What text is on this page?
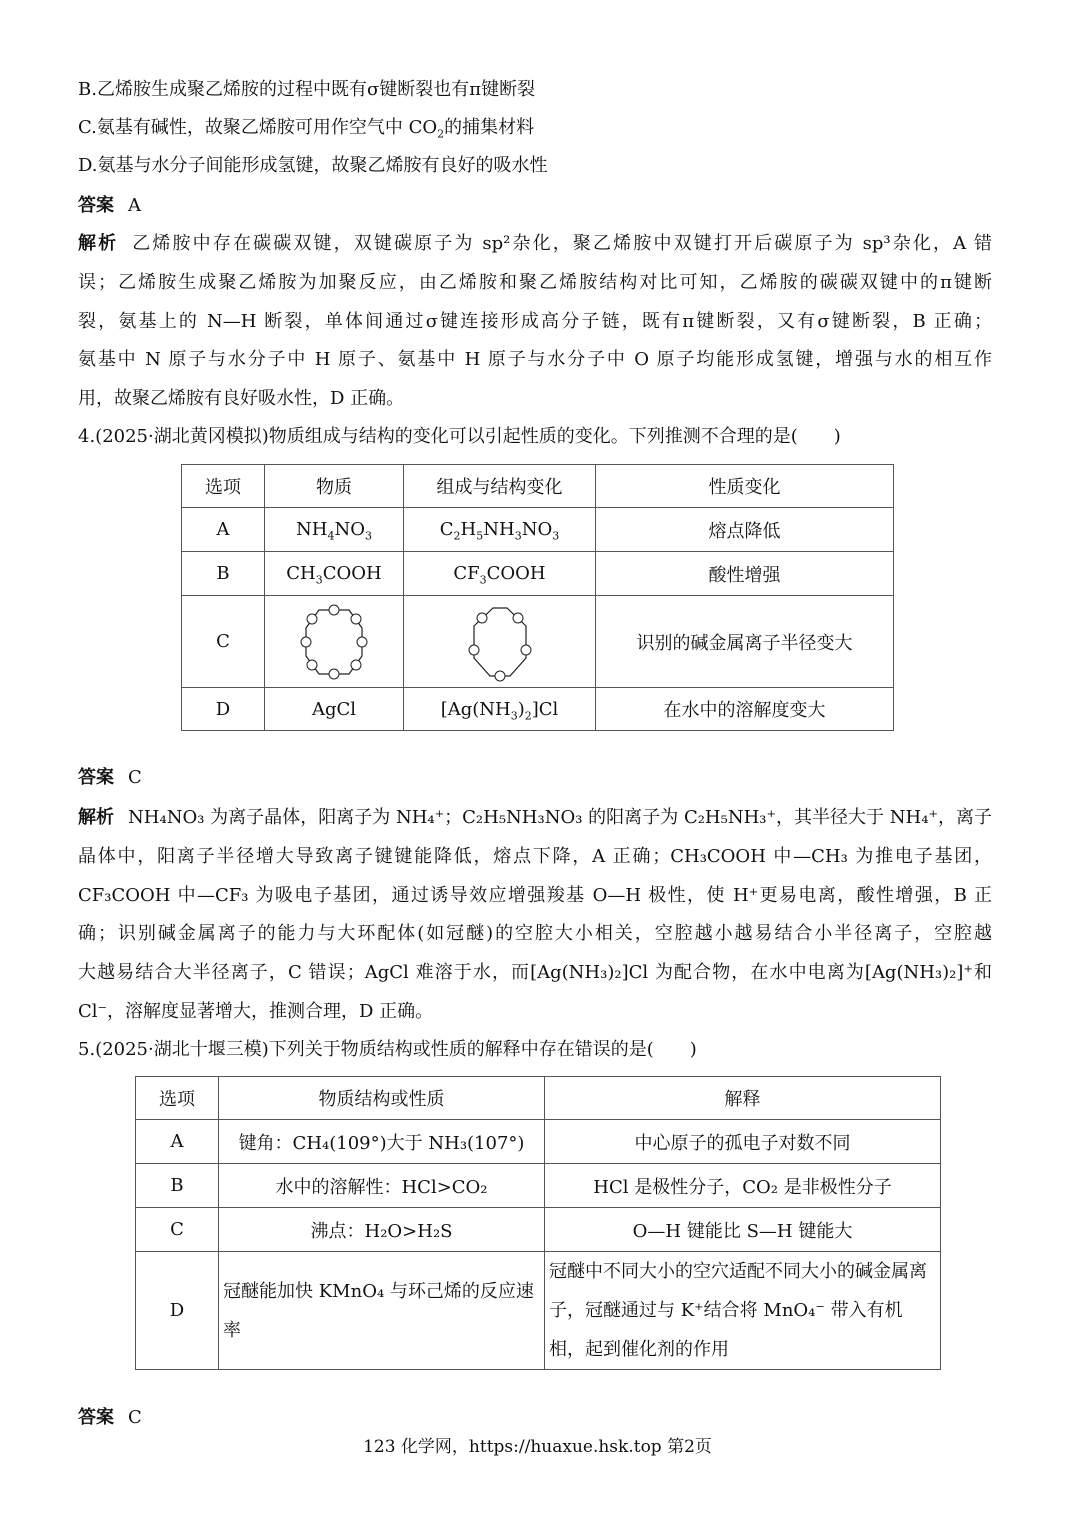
B.乙烯胺生成聚乙烯胺的过程中既有σ键断裂也有π键断裂
C.氨基有碱性，故聚乙烯胺可用作空气中 $CO_2$的捕集材料
D.氨基与水分子间能形成氢键，故聚乙烯胺有良好的吸水性
答案 A
解析 乙烯胺中存在碳碳双键，双键碳原子为 sp²杂化，聚乙烯胺中双键打开后碳原子为 sp³杂化，A 错
误；乙烯胺生成聚乙烯胺为加聚反应，由乙烯胺和聚乙烯胺结构对比可知，乙烯胺的碳碳双键中的π键断
裂，氨基上的 N—H 断裂，单体间通过σ键连接形成高分子链，既有π键断裂，又有σ键断裂，B 正确；
氨基中 N 原子与水分子中 H 原子、氨基中 H 原子与水分子中 O 原子均能形成氢键，增强与水的相互作
用，故聚乙烯胺有良好吸水性，D 正确。
4.(2025·湖北黄冈模拟)物质组成与结构的变化可以引起性质的变化。下列推测不合理的是(　　)
选项	物质	组成与结构变化	性质变化
A	$NH_4NO_3$	$C_2H_5NH_3NO_3$	熔点降低
B	$CH_3COOH$	$CF_3COOH$	酸性增强
C			识别的碱金属离子半径变大
D	AgCl	$[Ag(NH_3)_2]Cl$	在水中的溶解度变大
答案 C
解析 NH₄NO₃ 为离子晶体，阳离子为 NH₄⁺；C₂H₅NH₃NO₃ 的阳离子为 C₂H₅NH₃⁺，其半径大于 NH₄⁺，离子
晶体中，阳离子半径增大导致离子键键能降低，熔点下降，A 正确；CH₃COOH 中—CH₃ 为推电子基团，
CF₃COOH 中—CF₃ 为吸电子基团，通过诱导效应增强羧基 O—H 极性，使 H⁺更易电离，酸性增强，B 正
确；识别碱金属离子的能力与大环配体(如冠醚)的空腔大小相关，空腔越小越易结合小半径离子，空腔越
大越易结合大半径离子，C 错误；AgCl 难溶于水，而[Ag(NH₃)₂]Cl 为配合物，在水中电离为[Ag(NH₃)₂]⁺和
Cl⁻，溶解度显著增大，推测合理，D 正确。
5.(2025·湖北十堰三模)下列关于物质结构或性质的解释中存在错误的是(　　)
选项	物质结构或性质	解释
A	键角：CH₄(109°)大于 NH₃(107°)	中心原子的孤电子对数不同
B	水中的溶解性：HCl>CO₂	HCl 是极性分子，CO₂ 是非极性分子
C	沸点：H₂O>H₂S	O—H 键能比 S—H 键能大
D	冠醚能加快 KMnO₄ 与环己烯的反应速率	冠醚中不同大小的空穴适配不同大小的碱金属离子，冠醚通过与 K⁺结合将 MnO₄⁻ 带入有机相，起到催化剂的作用
答案 C
123 化学网，https://huaxue.hsk.top 第2页
